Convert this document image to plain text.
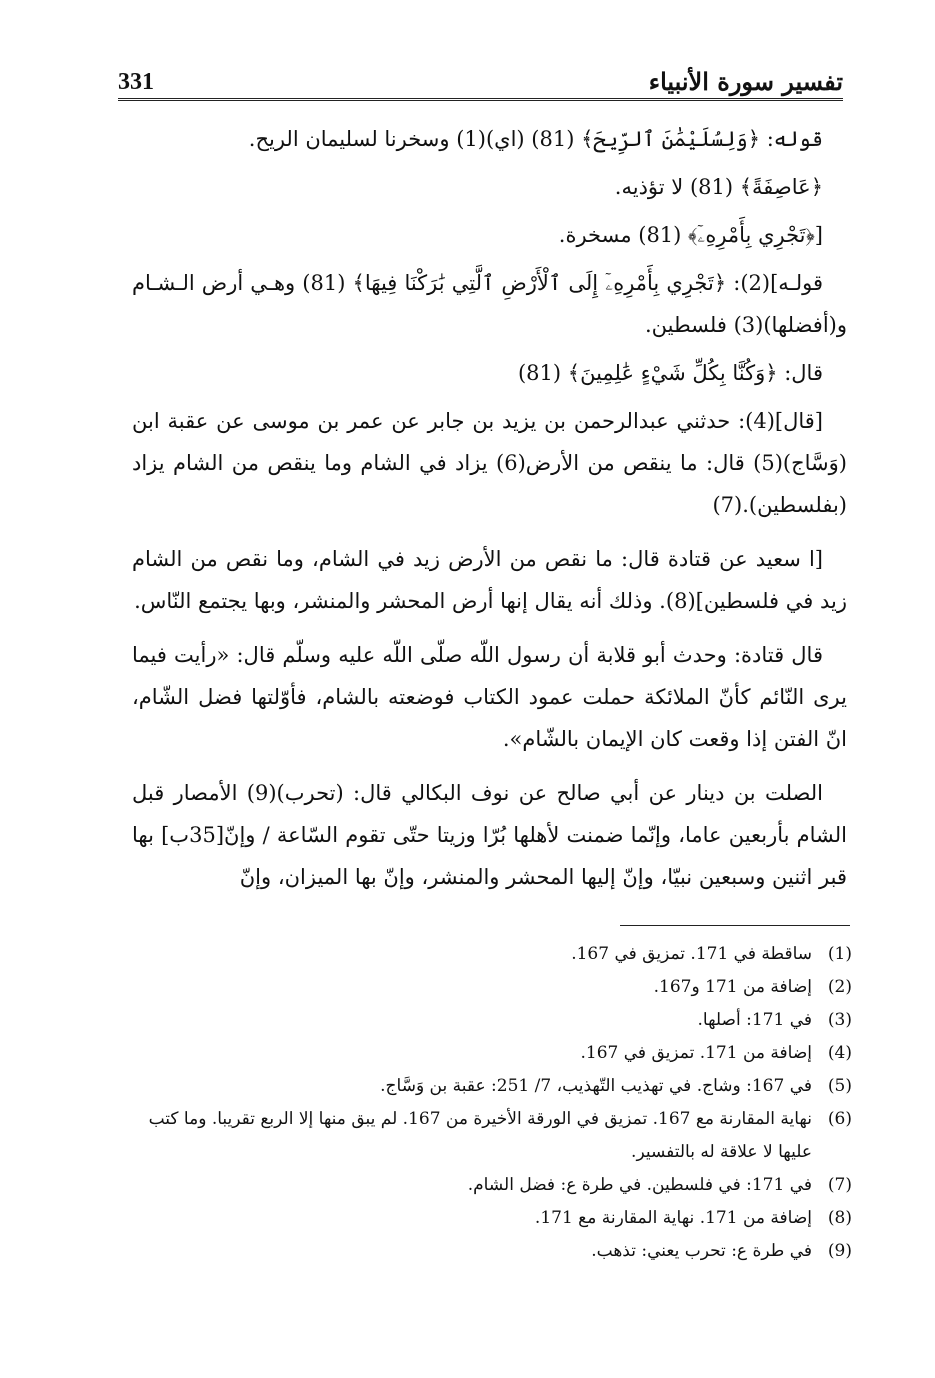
331	تفسير سورة الأنبياء

قوله: ﴿وَلِسُلَيْمَٰنَ ٱلرِّيحَ﴾ (81) (اي)(1) وسخرنا لسليمان الريح.

﴿عَاصِفَةً﴾ (81) لا تؤذيه.

[﴿تَجْرِي بِأَمْرِهِۦٓ﴾ (81) مسخرة.

قولـه](2): ﴿تَجْرِي بِأَمْرِهِۦٓ إِلَى ٱلْأَرْضِ ٱلَّتِي بَٰرَكْنَا فِيهَا﴾ (81) وهـي أرض الـشـام و(أفضلها)(3) فلسطين.

قال: ﴿وَكُنَّا بِكُلِّ شَيْءٍ عَٰلِمِينَ﴾ (81)

[قال](4): حدثني عبدالرحمن بن يزيد بن جابر عن عمر بن موسى عن عقبة ابن (وَسَّاج)(5) قال: ما ينقص من الأرض(6) يزاد في الشام وما ينقص من الشام يزاد (بفلسطين).(7)

[ا سعيد عن قتادة قال: ما نقص من الأرض زيد في الشام، وما نقص من الشام زيد في فلسطين](8). وذلك أنه يقال إنها أرض المحشر والمنشر، وبها يجتمع النّاس.

قال قتادة: وحدث أبو قلابة أن رسول اللّه صلّى اللّه عليه وسلّم قال: «رأيت فيما يرى النّائم كأنّ الملائكة حملت عمود الكتاب فوضعته بالشام، فأوّلتها فضل الشّام، انّ الفتن إذا وقعت كان الإيمان بالشّام».

الصلت بن دينار عن أبي صالح عن نوف البكالي قال: (تحرب)(9) الأمصار قبل الشام بأربعين عاما، وإنّما ضمنت لأهلها بُرّا وزيتا حتّى تقوم السّاعة / وإنّ[35ب] بها قبر اثنين وسبعين نبيّا، وإنّ إليها المحشر والمنشر، وإنّ بها الميزان، وإنّ

(1)
ساقطة في 171. تمزيق في 167.
(2)
إضافة من 171 و167.
(3)
في 171: أصلها.
(4)
إضافة من 171. تمزيق في 167.
(5)
في 167: وشاج. في تهذيب التّهذيب، 7/ 251: عقبة بن وَسَّاج.
(6)
نهاية المقارنة مع 167. تمزيق في الورقة الأخيرة من 167. لم يبق منها إلا الربع تقريبا. وما كتب عليها لا علاقة له بالتفسير.
(7)
في 171: في فلسطين. في طرة ع: فضل الشام.
(8)
إضافة من 171. نهاية المقارنة مع 171.
(9)
في طرة ع: تحرب يعني: تذهب.
